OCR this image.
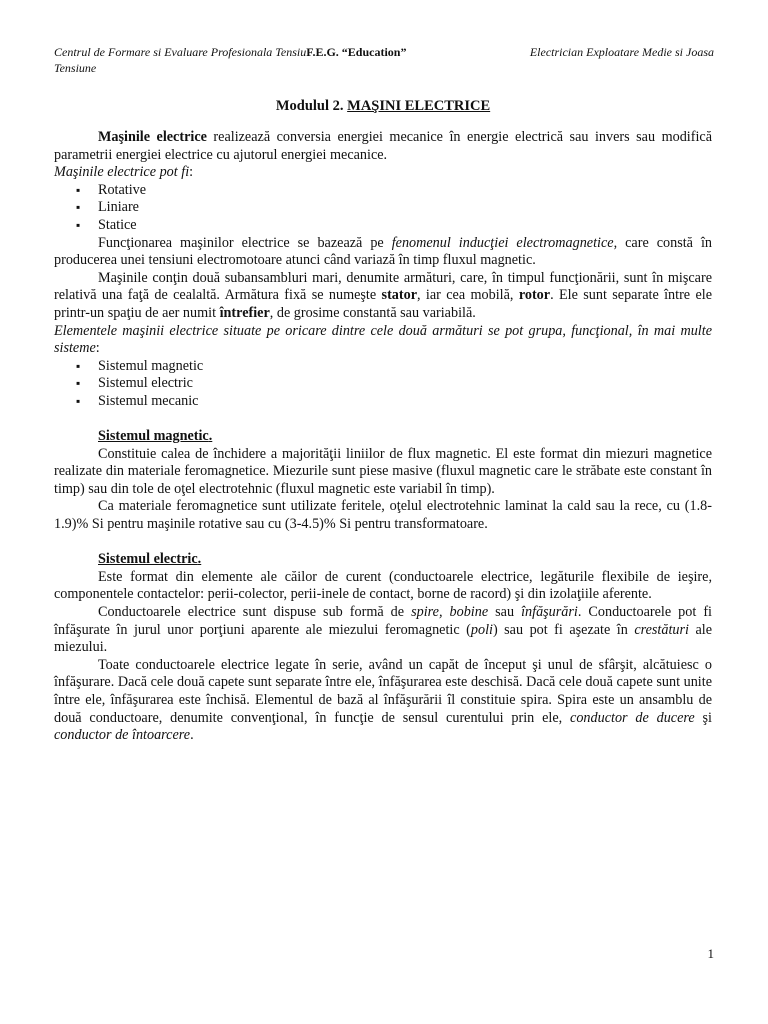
Centrul de Formare si Evaluare Profesionala TensiuF.E.G. “Education”	Electrician Exploatare Medie si Joasa
Tensiune
Modulul 2. MAŞINI ELECTRICE

Maşinile electrice realizează conversia energiei mecanice în energie electrică sau invers sau modifică parametrii energiei electrice cu ajutorul energiei mecanice.

Maşinile electrice pot fi:

▪ Rotative
▪ Liniare
▪ Statice

Funcţionarea maşinilor electrice se bazează pe fenomenul inducţiei electromagnetice, care constă în producerea unei tensiuni electromotoare atunci când variază în timp fluxul magnetic.

Maşinile conţin două subansambluri mari, denumite armături, care, în timpul funcţionării, sunt în mişcare relativă una faţă de cealaltă. Armătura fixă se numeşte stator, iar cea mobilă, rotor. Ele sunt separate între ele printr-un spaţiu de aer numit întrefier, de grosime constantă sau variabilă.

Elementele maşinii electrice situate pe oricare dintre cele două armături se pot grupa, funcţional, în mai multe sisteme:

▪ Sistemul magnetic
▪ Sistemul electric
▪ Sistemul mecanic

Sistemul magnetic.

Constituie calea de închidere a majorităţii liniilor de flux magnetic. El este format din miezuri magnetice realizate din materiale feromagnetice. Miezurile sunt piese masive (fluxul magnetic care le străbate este constant în timp) sau din tole de oţel electrotehnic (fluxul magnetic este variabil în timp).

Ca materiale feromagnetice sunt utilizate feritele, oţelul electrotehnic laminat la cald sau la rece, cu (1.8-1.9)% Si pentru maşinile rotative sau cu (3-4.5)% Si pentru transformatoare.

Sistemul electric.

Este format din elemente ale căilor de curent (conductoarele electrice, legăturile flexibile de ieşire, componentele contactelor: perii-colector, perii-inele de contact, borne de racord) şi din izolaţiile aferente.

Conductoarele electrice sunt dispuse sub formă de spire, bobine sau înfăşurări. Conductoarele pot fi înfăşurate în jurul unor porţiuni aparente ale miezului feromagnetic (poli) sau pot fi aşezate în crestături ale miezului.

Toate conductoarele electrice legate în serie, având un capăt de început şi unul de sfârşit, alcătuiesc o înfăşurare. Dacă cele două capete sunt separate între ele, înfăşurarea este deschisă. Dacă cele două capete sunt unite între ele, înfăşurarea este închisă. Elementul de bază al înfăşurării îl constituie spira. Spira este un ansamblu de două conductoare, denumite convenţional, în funcţie de sensul curentului prin ele, conductor de ducere şi conductor de întoarcere.

1
